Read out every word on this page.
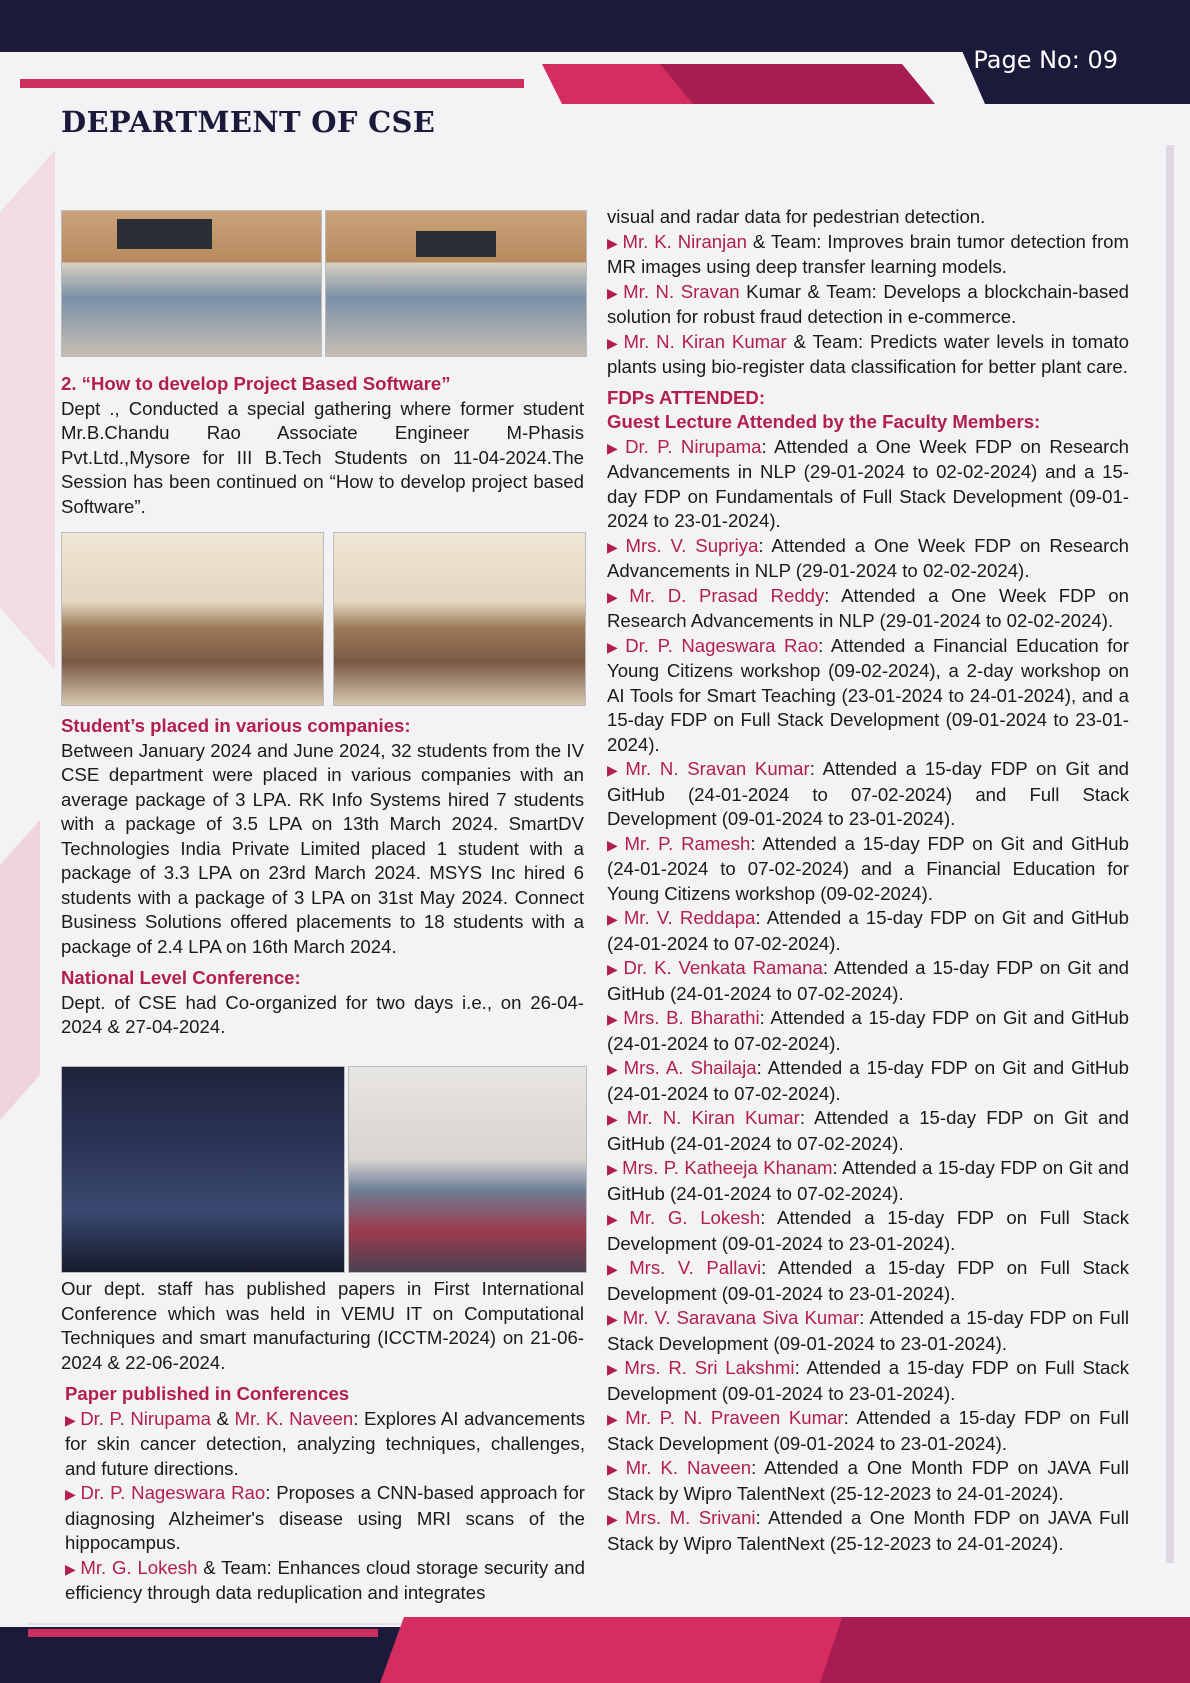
Page No: 09
DEPARTMENT OF CSE

2. “How to develop Project Based Software”

Dept ., Conducted a special gathering where former student Mr.B.Chandu Rao Associate Engineer M-Phasis Pvt.Ltd.,Mysore for III B.Tech Students on 11-04-2024.The Session has been continued on “How to develop project based Software”.

Student’s placed in various companies:

Between January 2024 and June 2024, 32 students from the IV CSE department were placed in various companies with an average package of 3 LPA. RK Info Systems hired 7 students with a package of 3.5 LPA on 13th March 2024. SmartDV Technologies India Private Limited placed 1 student with a package of 3.3 LPA on 23rd March 2024. MSYS Inc hired 6 students with a package of 3 LPA on 31st May 2024. Connect Business Solutions offered placements to 18 students with a package of 2.4 LPA on 16th March 2024.

National Level Conference:

Dept. of CSE had Co-organized for two days i.e., on 26-04-2024 & 27-04-2024.

Our dept. staff has published papers in First International Conference which was held in VEMU IT on Computational Techniques and smart manufacturing (ICCTM-2024) on 21-06-2024 & 22-06-2024.

Paper published in Conferences

▶ Dr. P. Nirupama & Mr. K. Naveen: Explores AI advancements for skin cancer detection, analyzing techniques, challenges, and future directions.

▶ Dr. P. Nageswara Rao: Proposes a CNN-based approach for diagnosing Alzheimer's disease using MRI scans of the hippocampus.

▶ Mr. G. Lokesh & Team: Enhances cloud storage security and efficiency through data reduplication and integrates

visual and radar data for pedestrian detection.

▶ Mr. K. Niranjan & Team: Improves brain tumor detection from MR images using deep transfer learning models.

▶ Mr. N. Sravan Kumar & Team: Develops a blockchain-based solution for robust fraud detection in e-commerce.

▶ Mr. N. Kiran Kumar & Team: Predicts water levels in tomato plants using bio-register data classification for better plant care.

FDPs ATTENDED:

Guest Lecture Attended by the Faculty Members:

▶ Dr. P. Nirupama: Attended a One Week FDP on Research Advancements in NLP (29-01-2024 to 02-02-2024) and a 15-day FDP on Fundamentals of Full Stack Development (09-01-2024 to 23-01-2024).

▶ Mrs. V. Supriya: Attended a One Week FDP on Research Advancements in NLP (29-01-2024 to 02-02-2024).

▶ Mr. D. Prasad Reddy: Attended a One Week FDP on Research Advancements in NLP (29-01-2024 to 02-02-2024).

▶ Dr. P. Nageswara Rao: Attended a Financial Education for Young Citizens workshop (09-02-2024), a 2-day workshop on AI Tools for Smart Teaching (23-01-2024 to 24-01-2024), and a 15-day FDP on Full Stack Development (09-01-2024 to 23-01-2024).

▶ Mr. N. Sravan Kumar: Attended a 15-day FDP on Git and GitHub (24-01-2024 to 07-02-2024) and Full Stack Development (09-01-2024 to 23-01-2024).

▶ Mr. P. Ramesh: Attended a 15-day FDP on Git and GitHub (24-01-2024 to 07-02-2024) and a Financial Education for Young Citizens workshop (09-02-2024).

▶ Mr. V. Reddapa: Attended a 15-day FDP on Git and GitHub (24-01-2024 to 07-02-2024).

▶ Dr. K. Venkata Ramana: Attended a 15-day FDP on Git and GitHub (24-01-2024 to 07-02-2024).

▶ Mrs. B. Bharathi: Attended a 15-day FDP on Git and GitHub (24-01-2024 to 07-02-2024).

▶ Mrs. A. Shailaja: Attended a 15-day FDP on Git and GitHub (24-01-2024 to 07-02-2024).

▶ Mr. N. Kiran Kumar: Attended a 15-day FDP on Git and GitHub (24-01-2024 to 07-02-2024).

▶ Mrs. P. Katheeja Khanam: Attended a 15-day FDP on Git and GitHub (24-01-2024 to 07-02-2024).

▶ Mr. G. Lokesh: Attended a 15-day FDP on Full Stack Development (09-01-2024 to 23-01-2024).

▶ Mrs. V. Pallavi: Attended a 15-day FDP on Full Stack Development (09-01-2024 to 23-01-2024).

▶ Mr. V. Saravana Siva Kumar: Attended a 15-day FDP on Full Stack Development (09-01-2024 to 23-01-2024).

▶ Mrs. R. Sri Lakshmi: Attended a 15-day FDP on Full Stack Development (09-01-2024 to 23-01-2024).

▶ Mr. P. N. Praveen Kumar: Attended a 15-day FDP on Full Stack Development (09-01-2024 to 23-01-2024).

▶ Mr. K. Naveen: Attended a One Month FDP on JAVA Full Stack by Wipro TalentNext (25-12-2023 to 24-01-2024).

▶ Mrs. M. Srivani: Attended a One Month FDP on JAVA Full Stack by Wipro TalentNext (25-12-2023 to 24-01-2024).
